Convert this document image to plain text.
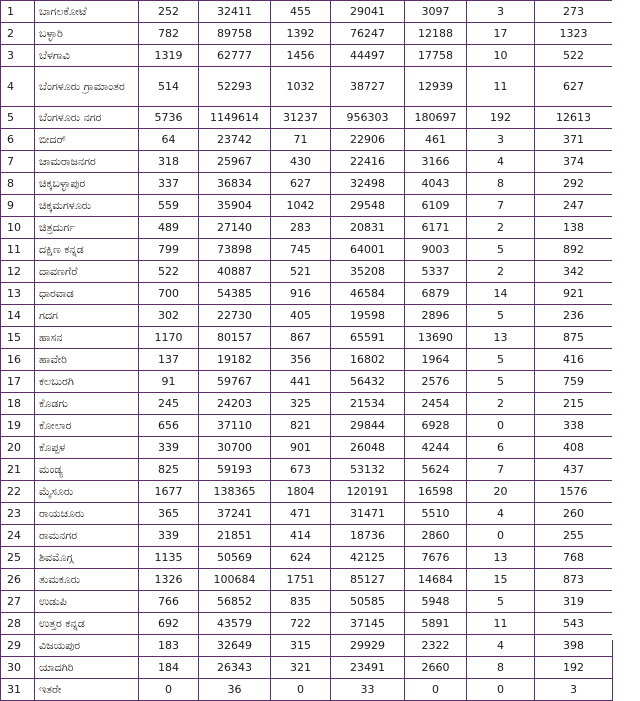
1	ಬಾಗಲಕೋಟೆ	252	32411	455	29041	3097	3	273	
2	ಬಳ್ಳಾರಿ	782	89758	1392	76247	12188	17	1323	
3	ಬೆಳಗಾವಿ	1319	62777	1456	44497	17758	10	522	
4	ಬೆಂಗಳೂರು ಗ್ರಾಮಾಂತರ	514	52293	1032	38727	12939	11	627	
5	ಬೆಂಗಳೂರು ನಗರ	5736	1149614	31237	956303	180697	192	12613	
6	ಬೀದರ್	64	23742	71	22906	461	3	371	
7	ಚಾಮರಾಜನಗರ	318	25967	430	22416	3166	4	374	
8	ಚಿಕ್ಕಬಳ್ಳಾಪುರ	337	36834	627	32498	4043	8	292	
9	ಚಿಕ್ಕಮಗಳೂರು	559	35904	1042	29548	6109	7	247	
10	ಚಿತ್ರದುರ್ಗ	489	27140	283	20831	6171	2	138	
11	ದಕ್ಷಿಣ ಕನ್ನಡ	799	73898	745	64001	9003	5	892	
12	ದಾವಣಗೆರೆ	522	40887	521	35208	5337	2	342	
13	ಧಾರವಾಡ	700	54385	916	46584	6879	14	921	
14	ಗದಗ	302	22730	405	19598	2896	5	236	
15	ಹಾಸನ	1170	80157	867	65591	13690	13	875	
16	ಹಾವೇರಿ	137	19182	356	16802	1964	5	416	
17	ಕಲಬುರಗಿ	91	59767	441	56432	2576	5	759	
18	ಕೊಡಗು	245	24203	325	21534	2454	2	215	
19	ಕೋಲಾರ	656	37110	821	29844	6928	0	338	
20	ಕೊಪ್ಪಳ	339	30700	901	26048	4244	6	408	
21	ಮಂಡ್ಯ	825	59193	673	53132	5624	7	437	
22	ಮೈಸೂರು	1677	138365	1804	120191	16598	20	1576	
23	ರಾಯಚೂರು	365	37241	471	31471	5510	4	260	
24	ರಾಮನಗರ	339	21851	414	18736	2860	0	255	
25	ಶಿವಮೊಗ್ಗ	1135	50569	624	42125	7676	13	768	
26	ತುಮಕೂರು	1326	100684	1751	85127	14684	15	873	
27	ಉಡುಪಿ	766	56852	835	50585	5948	5	319	
28	ಉತ್ತರ ಕನ್ನಡ	692	43579	722	37145	5891	11	543	
29	ವಿಜಯಪುರ	183	32649	315	29929	2322	4	398	
30	ಯಾದಗಿರಿ	184	26343	321	23491	2660	8	192	
31	ಇತರೇ	0	36	0	33	0	0	3	
